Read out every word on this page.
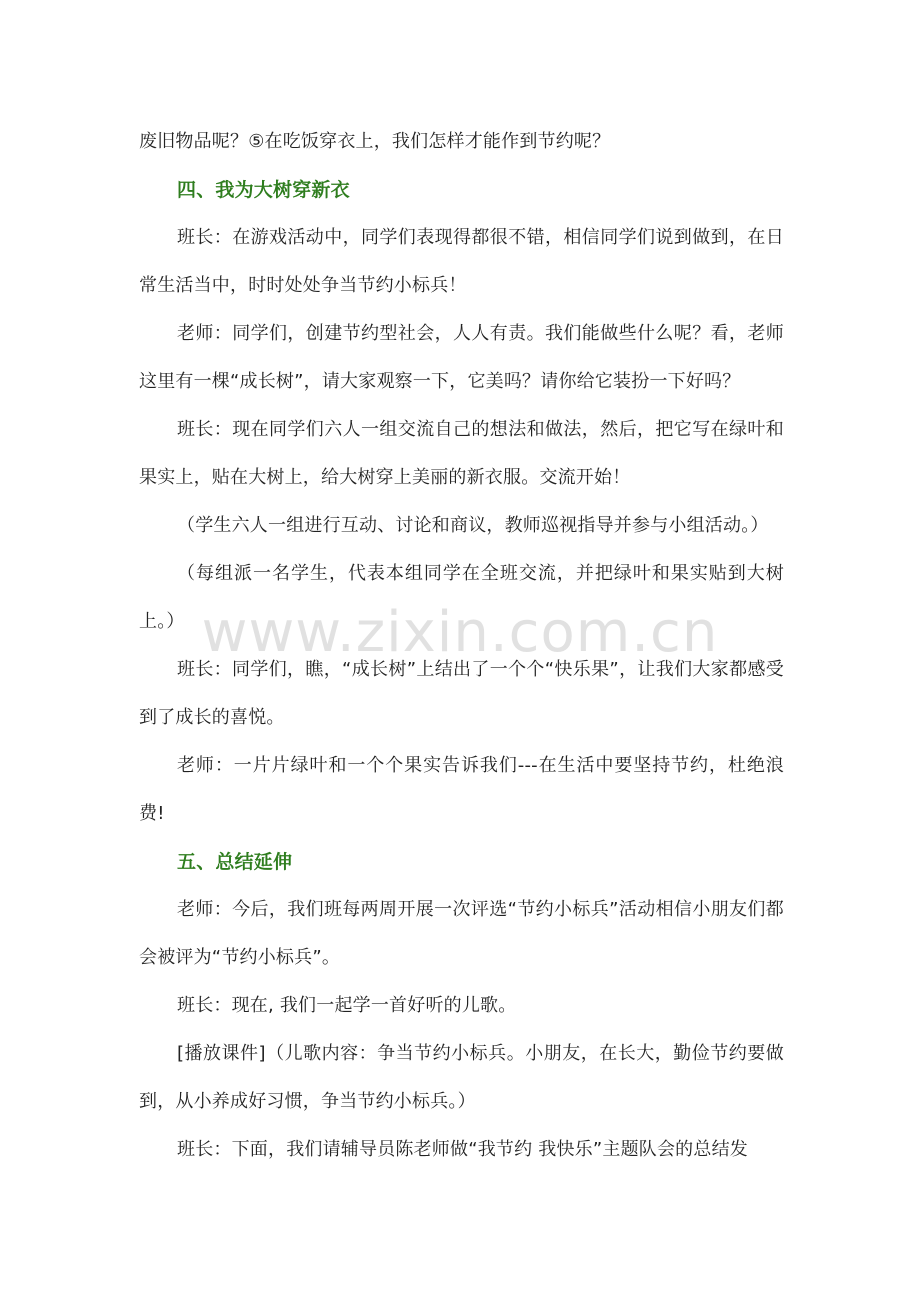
废旧物品呢？⑤在吃饭穿衣上，我们怎样才能作到节约呢？

四、我为大树穿新衣

班长：在游戏活动中，同学们表现得都很不错，相信同学们说到做到，在日常生活当中，时时处处争当节约小标兵！

老师：同学们，创建节约型社会，人人有责。我们能做些什么呢？看，老师这里有一棵“成长树”，请大家观察一下，它美吗？请你给它装扮一下好吗？

班长：现在同学们六人一组交流自己的想法和做法，然后，把它写在绿叶和果实上，贴在大树上，给大树穿上美丽的新衣服。交流开始！

（学生六人一组进行互动、讨论和商议，教师巡视指导并参与小组活动。）

（每组派一名学生，代表本组同学在全班交流，并把绿叶和果实贴到大树上。）

班长：同学们，瞧，“成长树”上结出了一个个“快乐果”，让我们大家都感受到了成长的喜悦。

老师：一片片绿叶和一个个果实告诉我们---在生活中要坚持节约，杜绝浪费!

五、总结延伸

老师：今后，我们班每两周开展一次评选“节约小标兵”活动相信小朋友们都会被评为“节约小标兵”。

班长：现在, 我们一起学一首好听的儿歌。

[播放课件]（儿歌内容：争当节约小标兵。小朋友，在长大，勤俭节约要做到，从小养成好习惯，争当节约小标兵。）

班长：下面，我们请辅导员陈老师做“我节约 我快乐”主题队会的总结发

www.zixin.com.cn
